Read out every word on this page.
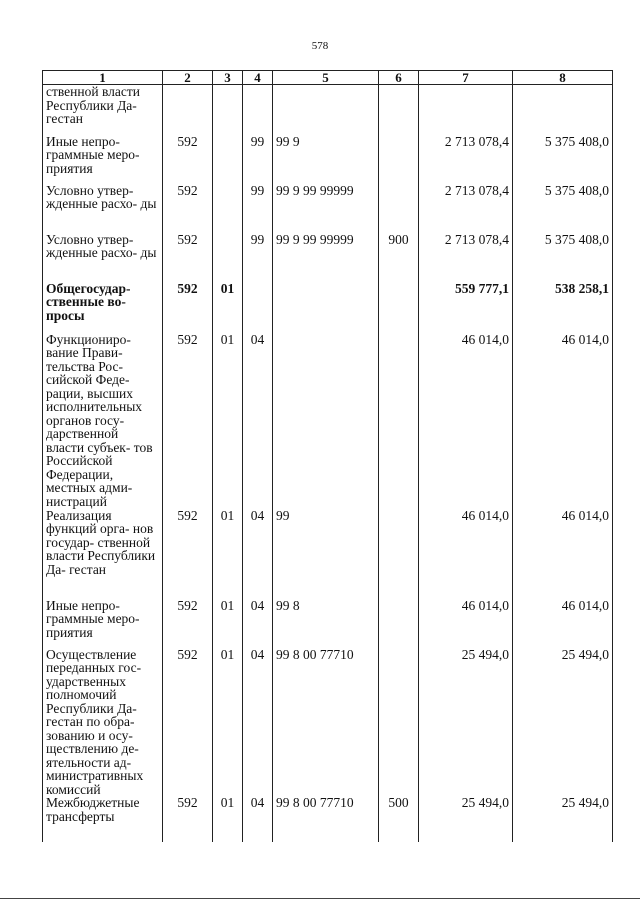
578
1	2	3	4	5	6	7	8
ственной власти Республики Да- гестан							
Иные непро- граммные меро- приятия	592		99	99 9		2 713 078,4	5 375 408,0
Условно утвер- жденные расхо- ды	592		99	99 9 99 99999		2 713 078,4	5 375 408,0
Условно утвер- жденные расхо- ды	592		99	99 9 99 99999	900	2 713 078,4	5 375 408,0
Общегосудар- ственные во- просы	592	01				559 777,1	538 258,1
Функциониро- вание Прави- тельства Рос- сийской Феде- рации, высших исполнительных органов госу- дарственной власти субъек- тов Российской Федерации, местных адми- нистраций	592	01	04			46 014,0	46 014,0
Реализация функций орга- нов государ- ственной власти Республики Да- гестан	592	01	04	99		46 014,0	46 014,0
Иные непро- граммные меро- приятия	592	01	04	99 8		46 014,0	46 014,0
Осуществление переданных гос- ударственных полномочий Республики Да- гестан по обра- зованию и осу- ществлению де- ятельности ад- министративных комиссий	592	01	04	99 8 00 77710		25 494,0	25 494,0
Межбюджетные трансферты	592	01	04	99 8 00 77710	500	25 494,0	25 494,0
